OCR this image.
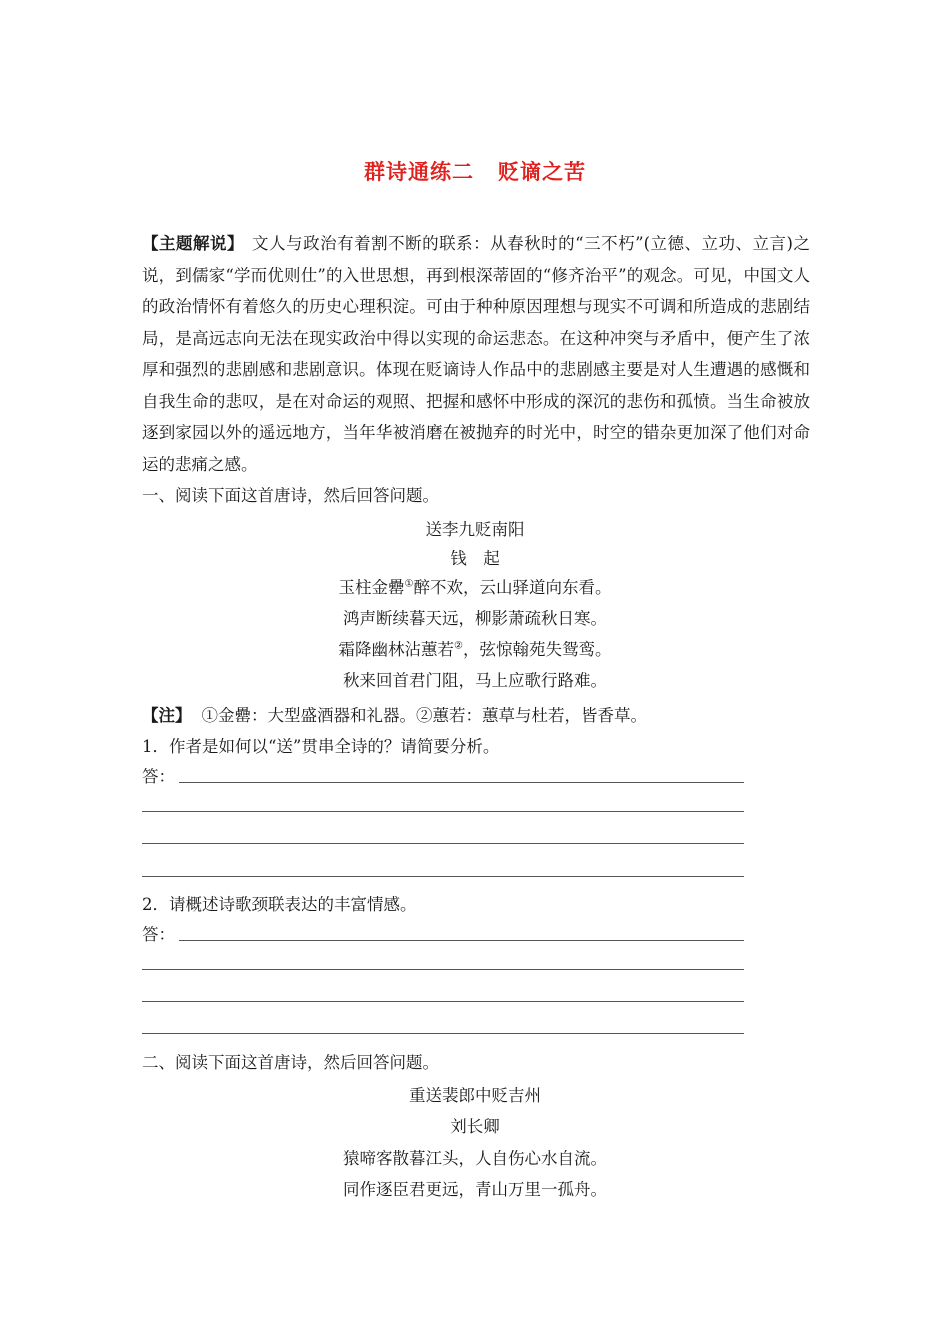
群诗通练二 贬谪之苦
【主题解说】 文人与政治有着割不断的联系：从春秋时的“三不朽”(立德、立功、立言)之说，到儒家“学而优则仕”的入世思想，再到根深蒂固的“修齐治平”的观念。可见，中国文人的政治情怀有着悠久的历史心理积淀。可由于种种原因理想与现实不可调和所造成的悲剧结局，是高远志向无法在现实政治中得以实现的命运悲态。在这种冲突与矛盾中，便产生了浓厚和强烈的悲剧感和悲剧意识。体现在贬谪诗人作品中的悲剧感主要是对人生遭遇的感慨和自我生命的悲叹，是在对命运的观照、把握和感怀中形成的深沉的悲伤和孤愤。当生命被放逐到家园以外的遥远地方，当年华被消磨在被抛弃的时光中，时空的错杂更加深了他们对命运的悲痛之感。
一、阅读下面这首唐诗，然后回答问题。
送李九贬南阳
钱　起
玉柱金罍①醉不欢，云山驿道向东看。
鸿声断续暮天远，柳影萧疏秋日寒。
霜降幽林沾蕙若②，弦惊翰苑失鸳鸾。
秋来回首君门阻，马上应歌行路难。
【注】 ①金罍：大型盛酒器和礼器。②蕙若：蕙草与杜若，皆香草。
1．作者是如何以“送”贯串全诗的？请简要分析。
答：
2．请概述诗歌颈联表达的丰富情感。
答：
二、阅读下面这首唐诗，然后回答问题。
重送裴郎中贬吉州
刘长卿
猿啼客散暮江头，人自伤心水自流。
同作逐臣君更远，青山万里一孤舟。
